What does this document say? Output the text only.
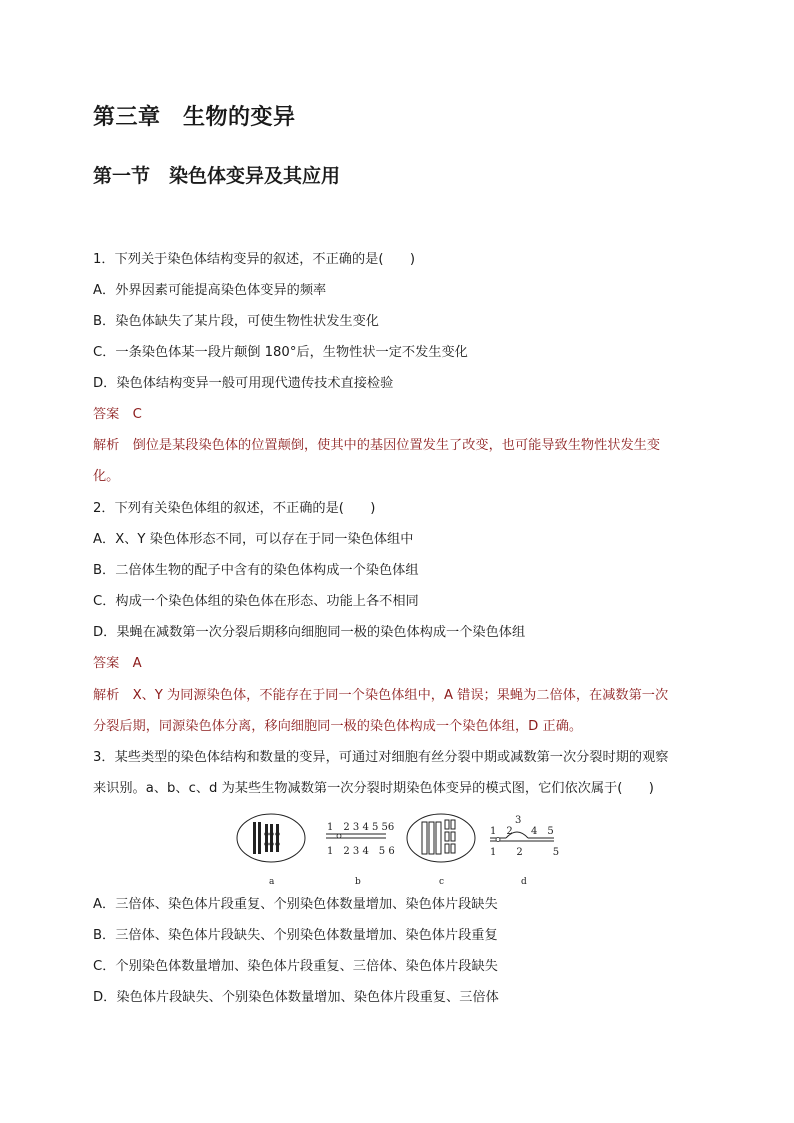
第三章　生物的变异
第一节　染色体变异及其应用
1．下列关于染色体结构变异的叙述，不正确的是(　　)
A．外界因素可能提高染色体变异的频率
B．染色体缺失了某片段，可使生物性状发生变化
C．一条染色体某一段片颠倒 180°后，生物性状一定不发生变化
D．染色体结构变异一般可用现代遗传技术直接检验
答案　 C
解析　 倒位是某段染色体的位置颠倒，使其中的基因位置发生了改变，也可能导致生物性状发生变
化。
2．下列有关染色体组的叙述，不正确的是(　　)
A．X、Y 染色体形态不同，可以存在于同一染色体组中
B．二倍体生物的配子中含有的染色体构成一个染色体组
C．构成一个染色体组的染色体在形态、功能上各不相同
D．果蝇在减数第一次分裂后期移向细胞同一极的染色体构成一个染色体组
答案　 A
解析　 X、Y 为同源染色体，不能存在于同一个染色体组中，A 错误；果蝇为二倍体，在减数第一次
分裂后期，同源染色体分离，移向细胞同一极的染色体构成一个染色体组，D 正确。
3．某些类型的染色体结构和数量的变异，可通过对细胞有丝分裂中期或减数第一次分裂时期的观察
来识别。a、b、c、d 为某些生物减数第一次分裂时期染色体变异的模式图，它们依次属于(　　)
1　2 3 4 5 56
1　2 3 4　5 6
1　2
3
4　5
1　　2　　　5
a	b	c	d
A．三倍体、染色体片段重复、个别染色体数量增加、染色体片段缺失
B．三倍体、染色体片段缺失、个别染色体数量增加、染色体片段重复
C．个别染色体数量增加、染色体片段重复、三倍体、染色体片段缺失
D．染色体片段缺失、个别染色体数量增加、染色体片段重复、三倍体
